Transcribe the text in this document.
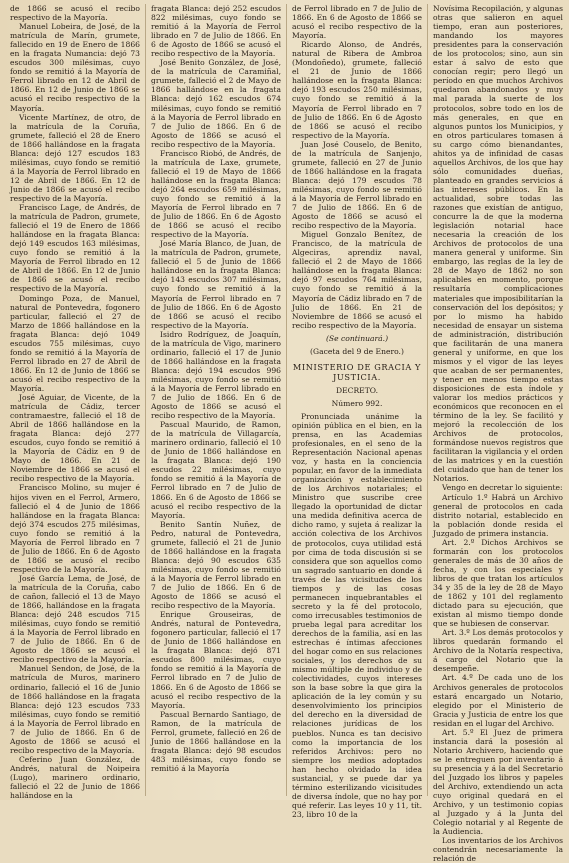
de 1866 se acusó el recibo respectivo de la Mayoría.

Manuel Lobeira, de José, de la matrícula de Marín, grumete, fallecido en 19 de Enero de 1866 en la fragata Numancia: dejó 73 escudos 300 milésimas, cuyo fondo se remitió á la Mayoría de Ferrol librado en 12 de Abril de 1866. En 12 de Junio de 1866 se acusó el recibo respectivo de la Mayoría.

Vicente Martínez, de otro, de la matrícula de la Coruña, grumete, falleció el 28 de Enero de 1866 hallándose en la fragata Blanca: dejó 127 escudos 183 milésimas, cuyo fondo se remitió á la Mayoría de Ferrol librado en 12 de Abril de 1866. En 12 de Junio de 1866 se acusó el recibo respectivo de la Mayoría.

Francisco Lage, de Andrés, de la matrícula de Padron, grumete, falleció el 19 de Enero de 1866 hallándose en la fragata Blanca: dejó 149 escudos 163 milésimas, cuyo fondo se remitió á la Mayoría de Ferrol librado en 12 de Abril de 1866. En 12 de Junio de 1866 se acusó el recibo respectivo de la Mayoría.

Domingo Poza, de Manuel, natural de Pontevedra, fogonero particular, falleció el 27 de Marzo de 1866 hallándose en la fragata Blanca: dejó 1049 escudos 755 milésimas, cuyo fondo se remitió á la Mayoría de Ferrol librado en 27 de Abril de 1866. En 12 de Junio de 1866 se acusó el recibo respectivo de la Mayoría.

José Aguiar, de Vicente, de la matrícula de Cádiz, tercer contramaestre, falleció el 18 de Abril de 1866 hallándose en la fragata Blanca: dejó 277 escudos, cuyo fondo se remitió á la Mayoría de Cádiz en 9 de Mayo de 1866. En 21 de Noviembre de 1866 se acusó el recibo respectivo de la Mayoría.

Francisco Molino, su mujer é hijos viven en el Ferrol, Armero, falleció el 4 de Junio de 1866 hallándose en la fragata Blanca: dejó 374 escudos 275 milésimas, cuyo fondo se remitió á la Mayoría de Ferrol librado en 7 de Julio de 1866. En 6 de Agosto de 1866 se acusó el recibo respectivo de la Mayoría.

José García Lema, de José, de la matrícula de la Coruña, cabo de cañon, falleció el 13 de Mayo de 1866, hallándose en la fragata Blanca: dejó 248 escudos 715 milésimas, cuyo fondo se remitió á la Mayoría de Ferrol librado en 7 de Julio de 1866. En 6 de Agosto de 1866 se acusó el recibo respectivo de la Mayoría.

Manuel Sendon, de José, de la matrícula de Muros, marinero ordinario, falleció el 16 de Junio de 1866 hallándose en la fragata Blanca: dejó 123 escudos 733 milésimas, cuyo fondo se remitió á la Mayoría de Ferrol librado en 7 de Julio de 1866. En 6 de Agosto de 1866 se acusó el recibo respectivo de la Mayoría.

Ceferino Juan González, de Andrés, natural de Noipeira (Lugo), marinero ordinario, falleció el 22 de Junio de 1866 hallándose en la

fragata Blanca: dejó 252 escudos 822 milésimas, cuyo fondo se remitió á la Mayoría de Ferrol librado en 7 de Julio de 1866. En 6 de Agosto de 1866 se acusó el recibo respectivo de la Mayoría.

José Benito González, de José, de la matrícula de Caramiñal, grumete, falleció el 2 de Mayo de 1866 hallándose en la fragata Blanca: dejó 162 escudos 674 milésimas, cuyo fondo se remitió á la Mayoría de Ferrol librado en 7 de Julio de 1866. En 6 de Agosto de 1866 se acusó el recibo respectivo de la Mayoría.

Francisco Riobó, de Andrés, de la matrícula de Laxe, grumete, falleció el 19 de Mayo de 1866 hallándose en la fragata Blanca: dejó 264 escudos 659 milésimas, cuyo fondo se remitió á la Mayoría de Ferrol librado en 7 de Julio de 1866. En 6 de Agosto de 1866 se acusó el recibo respectivo de la Mayoría.

José María Blanco, de Juan, de la matrícula de Padron, grumete, falleció el 5 de Junio de 1866 hallándose en la fragata Blanca: dejó 143 escudos 307 milésimas, cuyo fondo se remitió á la Mayoría de Ferrol librado en 7 de Julio de 1866. En 6 de Agosto de 1866 se acusó el recibo respectivo de la Mayoría.

Isidro Rodríguez, de Joaquín, de la matrícula de Vigo, marinero ordinario, falleció el 17 de Junio de 1866 hallándose en la fragata Blanca: dejó 194 escudos 996 milésimas, cuyo fondo se remitió á la Mayoría de Ferrol librado en 7 de Julio de 1866. En 6 de Agosto de 1866 se acusó el recibo respectivo de la Mayoría.

Pascual Maurido, de Ramon, de la matrícula de Villagarcía, marinero ordinario, falleció el 10 de Junio de 1866 hallándose en la fragata Blanca: dejó 190 escudos 22 milésimas, cuyo fondo se remitió á la Mayoría de Ferrol librado en 7 de Julio de 1866. En 6 de Agosto de 1866 se acusó el recibo respectivo de la Mayoría.

Benito Santín Nuñez, de Pedro, natural de Pontevedra, grumete, falleció el 21 de Junio de 1866 hallándose en la fragata Blanca: dejó 90 escudos 635 milésimas, cuyo fondo se remitió á la Mayoría de Ferrol librado en 7 de Julio de 1866. En 6 de Agosto de 1866 se acusó el recibo respectivo de la Mayoría.

Enrique Grouseiras, de Andrés, natural de Pontevedra, fogonero particular, falleció el 17 de Junio de 1866 hallándose en la fragata Blanca: dejó 871 escudos 800 milésimas, cuyo fondo se remitió á la Mayoría de Ferrol librado en 7 de Julio de 1866. En 6 de Agosto de 1866 se acusó el recibo respectivo de la Mayoría.

Pascual Bernardo Santiago, de Ramon, de la matrícula de Ferrol, grumete, falleció en 26 de Junio de 1866 hallándose en la fragata Blanca: dejó 98 escudos 483 milésimas, cuyo fondo se remitió á la Mayoría

de Ferrol librado en 7 de Julio de 1866. En 6 de Agosto de 1866 se acusó el recibo respectivo de la Mayoría.

Ricardo Alonso, de Andrés, natural de Ribera de Ambroa (Mondoñedo), grumete, falleció el 21 de Junio de 1866 hallándose en la fragata Blanca: dejó 193 escudos 250 milésimas, cuyo fondo se remitió á la Mayoría de Ferrol librado en 7 de Julio de 1866. En 6 de Agosto de 1866 se acusó el recibo respectivo de la Mayoría.

Juan José Couselo, de Benito, de la matrícula de Sanjenjo, grumete, falleció en 27 de Junio de 1866 hallándose en la fragata Blanca: dejó 179 escudos 78 milésimas, cuyo fondo se remitió á la Mayoría de Ferrol librado en 7 de Julio de 1866. En 6 de Agosto de 1866 se acusó el recibo respectivo de la Mayoría.

Miguel Gonzalo Benítez, de Francisco, de la matrícula de Algeciras, aprendiz naval, falleció el 2 de Mayo de 1866 hallándose en la fragata Blanca: dejó 97 escudos 764 milésimas, cuyo fondo se remitió á la Mayoría de Cádiz librado en 7 de Julio de 1866. En 21 de Noviembre de 1866 se acusó el recibo respectivo de la Mayoría.

(Se continuará.)

(Gaceta del 9 de Enero.)

MINISTERIO DE GRACIA Y JUSTICIA.

DECRETO.

Número 992.

Pronunciada unánime la opinión pública en el bien, en la prensa, en las Academias profesionales, en el seno de la Representación Nacional apenas voz, y hasta en la conciencia popular, en favor de la inmediata organización y establecimiento de los Archivos notariales; el Ministro que suscribe cree llegado la oportunidad de dictar una medida definitiva acerca de dicho ramo, y sujeta á realizar la acción colectiva de los Archivos de protocolos, cuya utilidad está por cima de toda discusión si se considera que son aquellos como un sagrado santuario en donde á través de las vicisitudes de los tiempos y de las cosas permanecen inquebrantables el secreto y la fé del protocolo, como irrecusables testimonios de prueba legal para acreditar los derechos de la familia, así en las estrechas é íntimas afecciones del hogar como en sus relaciones sociales, y los derechos de su mismo múltiple de individuo y de colectividades, cuyos intereses son la base sobre la que gira la aplicación de la ley común y su desenvolvimiento los principios del derecho en la diversidad de relaciones jurídicas de los pueblos. Nunca es tan decisivo como la importancia de los referidos Archivos: pero no siempre los medios adoptados han hecho olvidado la idea sustancial, y se puede dar ya término esterilizando vicisitudes de diversa índole, que no hay por qué referir. Las leyes 10 y 11, tít. 23, libro 10 de la

Novísima Recopilación, y algunas otras que salieron en aquel tiempo, eran aun posteriores, mandando los mayores presidentes para la conservación de los protocolos; sino, aun sin estar á salvo de esto que conocían regir; pero llegó un período en que muchos Archivos quedaron abandonados y muy mal parada la suerte de los protocolos, sobre todo en los de más generales, en que en algunos puntos los Municipios, y en otros particulares tomasen á su cargo cómo bienandantes, ahitos ya de infinidad de casas aquellos Archivos, de los que hay sólo comunidades dueñas, planteado en grandes servicios á las intereses públicos. En la actualidad, sobre todas las razones que existían de antiguo, concurre la de que la moderna legislación notarial hace necesaria la creación de los Archivos de protocolos de una manera general y uniforme. Sin embargo, las reglas de la ley de 28 de Mayo de 1862 no son aplicables en momento, porque resultaría complicaciones materiales que imposibilitarían la conservación del los depósitos; y por lo mismo ha habido necesidad de ensayar un sistema de administración, distribución que facilitarán de una manera general y uniforme, en que los mismos y el vigor de las leyes que acaban de ser permanentes, y tener en menos tiempo estas disposiciones de esta índole y valorar los medios prácticos y económicos que reconocen en el término de la ley. Se facilitó y mejoró la recolección de los Archivos de protocolos, formándose nuevos registros que facilitaran la vigilancia y el orden de las matrices y en la cuestión del cuidado que han de tener los Notarios.

Vengo en decretar lo siguiente:

Artículo 1.º Habrá un Archivo general de protocolos en cada distrito notarial, establecido en la población donde resida el Juzgado de primera instancia.

Art. 2.º Dichos Archivos se formarán con los protocolos generales de más de 30 años de fecha, y con los especiales y libros de que tratan los artículos 34 y 35 de la ley de 28 de Mayo de 1862 y 101 del reglamento dictado para su ejecución, que existan al mismo tiempo donde que se hubiesen de conservar.

Art. 3.º Los demás protocolos y libros quedarán formando el Archivo de la Notaría respectiva, á cargo del Notario que la desempeñe.

Art. 4.º De cada uno de los Archivos generales de protocolos estará encargado un Notario, elegido por el Ministerio de Gracia y Justicia de entre los que residan en el lugar del Archivo.

Art. 5.º El Juez de primera instancia dará la posesión al Notario Archivero, haciendo que se le entreguen por inventario á su presencia y á la del Secretario del Juzgado los libros y papeles del Archivo, extendiendo un acta cuyo original quedará en el Archivo, y un testimonio copias al Juzgado y á la Junta del Colegio notarial y al Regente de la Audiencia.

Los inventarios de los Archivos contendrán necesariamente la relación de
